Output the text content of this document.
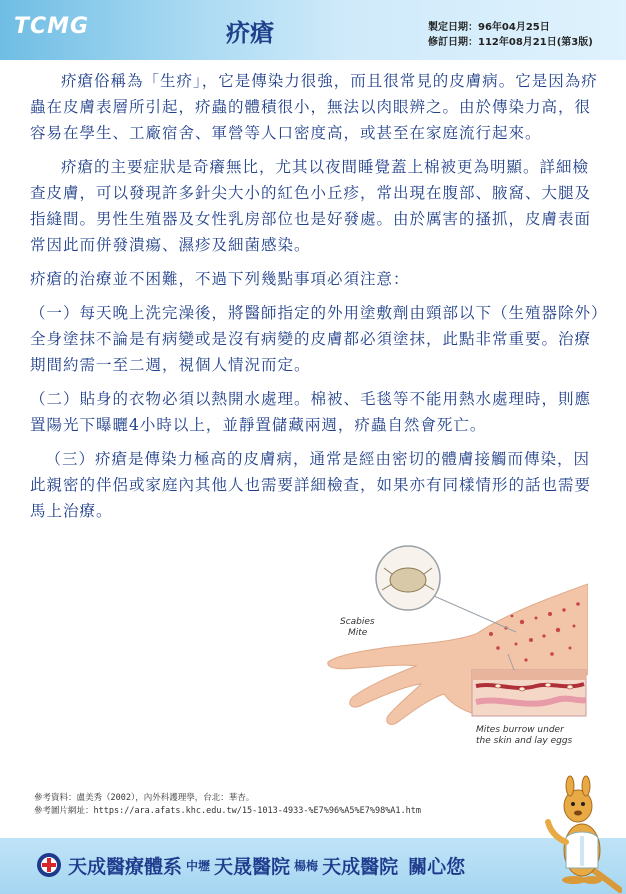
TCMG	疥瘡	製定日期：96年04月25日
修訂日期：112年08月21日(第3版)

疥瘡俗稱為「生疥」，它是傳染力很強，而且很常見的皮膚病。它是因為疥蟲在皮膚表層所引起，疥蟲的體積很小，無法以肉眼辨之。由於傳染力高，很容易在學生、工廠宿舍、軍營等人口密度高，或甚至在家庭流行起來。

疥瘡的主要症狀是奇癢無比，尤其以夜間睡覺蓋上棉被更為明顯。詳細檢查皮膚，可以發現許多針尖大小的紅色小丘疹，常出現在腹部、腋窩、大腿及指縫間。男性生殖器及女性乳房部位也是好發處。由於厲害的搔抓，皮膚表面常因此而併發潰瘍、濕疹及細菌感染。

疥瘡的治療並不困難，不過下列幾點事項必須注意：

（一）每天晚上洗完澡後，將醫師指定的外用塗敷劑由頸部以下（生殖器除外）全身塗抹不論是有病變或是沒有病變的皮膚都必須塗抹，此點非常重要。治療期間約需一至二週，視個人情況而定。

（二）貼身的衣物必須以熱開水處理。棉被、毛毯等不能用熱水處理時，則應置陽光下曝曬4小時以上，並靜置儲藏兩週，疥蟲自然會死亡。

（三）疥瘡是傳染力極高的皮膚病，通常是經由密切的體膚接觸而傳染，因此親密的伴侶或家庭內其他人也需要詳細檢查，如果亦有同樣情形的話也需要馬上治療。

Scabies
Mite
Mites burrow under
the skin and lay eggs
參考資料：盧美秀（2002），內外科護理學，台北：華杏。
參考圖片網址：https://ara.afats.khc.edu.tw/15-1013-4933-%E7%96%A5%E7%98%A1.htm
天成醫療體系 中壢 天晟醫院 楊梅 天成醫院 關心您
